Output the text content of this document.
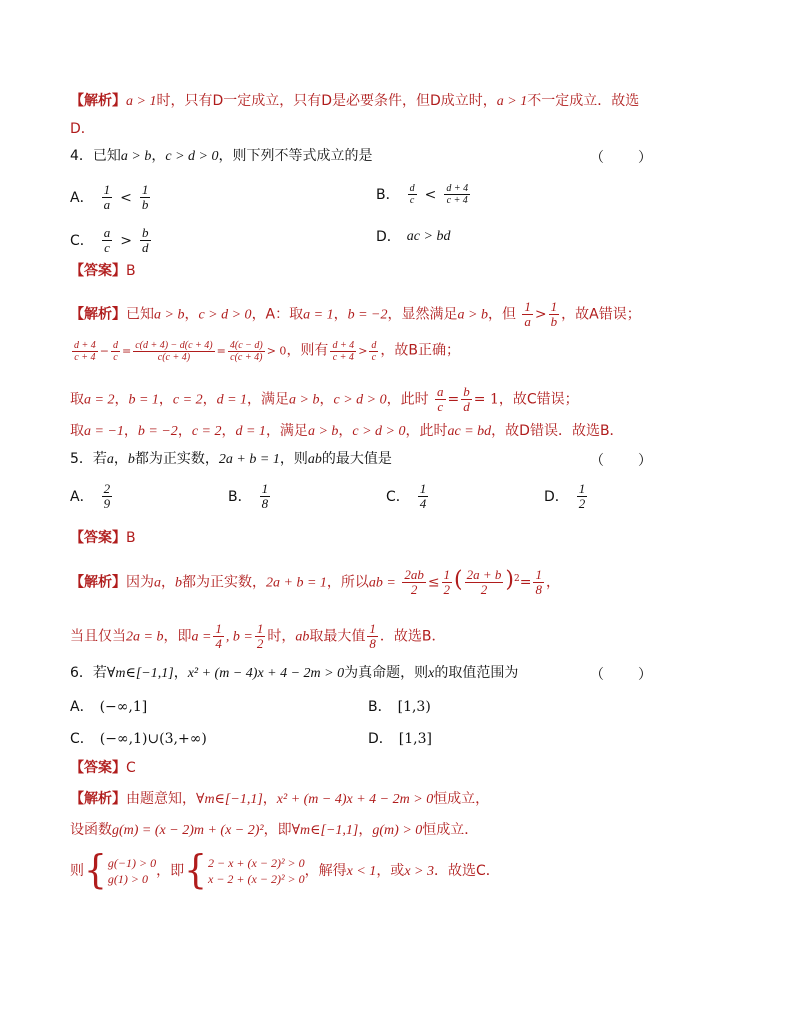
【解析】a > 1时，只有D一定成立，只有D是必要条件，但D成立时，a > 1不一定成立．故选
D．
4．已知a > b，c > d > 0，则下列不等式成立的是	（　　）
A． $\frac{1}{a} < \frac{1}{b}$	B． $\frac{d}{c} < \frac{d + 4}{c + 4}$
C． $\frac{a}{c} > \frac{b}{d}$	D． ac > bd
【答案】B
【解析】已知a > b，c > d > 0，A：取a = 1，b = −2，显然满足a > b，但 $\frac{1}{a} > \frac{1}{b}$ ，故A错误；
$\frac{d + 4}{c + 4} - \frac{d}{c} = \frac{c(d + 4) - d(c + 4)}{c(c + 4)} = \frac{4(c - d)}{c(c + 4)} > 0$，则有 $\frac{d + 4}{c + 4} > \frac{d}{c}$ ，故B正确；
取a = 2，b = 1，c = 2，d = 1，满足a > b，c > d > 0，此时 $\frac{a}{c} = \frac{b}{d} = 1$，故C错误；
取a = −1，b = −2，c = 2，d = 1，满足a > b，c > d > 0，此时ac = bd，故D错误．故选B．
5．若a，b都为正实数，2a + b = 1，则ab的最大值是	（　　）
A． $\frac{2}{9}$	B． $\frac{1}{8}$	C． $\frac{1}{4}$	D． $\frac{1}{2}$
【答案】B
【解析】因为a，b都为正实数，2a + b = 1，所以ab = $\frac{2ab}{2} \le \frac{1}{2}$ ( $\frac{2a + b}{2} )^2= \frac{1}{8}$ ，
当且仅当2a = b，即$a = \frac{1}{4}$ , $b = \frac{1}{2}$ 时，ab取最大值 $\frac{1}{8}$ ．故选B．
6．若∀m∈[−1,1]，x² + (m − 4)x + 4 − 2m > 0为真命题，则x的取值范围为	（　　）
A． (−∞,1]	B． [1,3)
C． (−∞,1)∪(3,+∞)	D． [1,3]
【答案】C
【解析】由题意知，∀m∈[−1,1]，x² + (m − 4)x + 4 − 2m > 0恒成立，
设函数g(m) = (x − 2)m + (x − 2)²，即∀m∈[−1,1]，g(m) > 0恒成立．
则{ g(−1) > 0
g(1) > 0 ，即{ 2 − x + (x − 2)² > 0
x − 2 + (x − 2)² > 0 ，解得x < 1，或x > 3．故选C．
